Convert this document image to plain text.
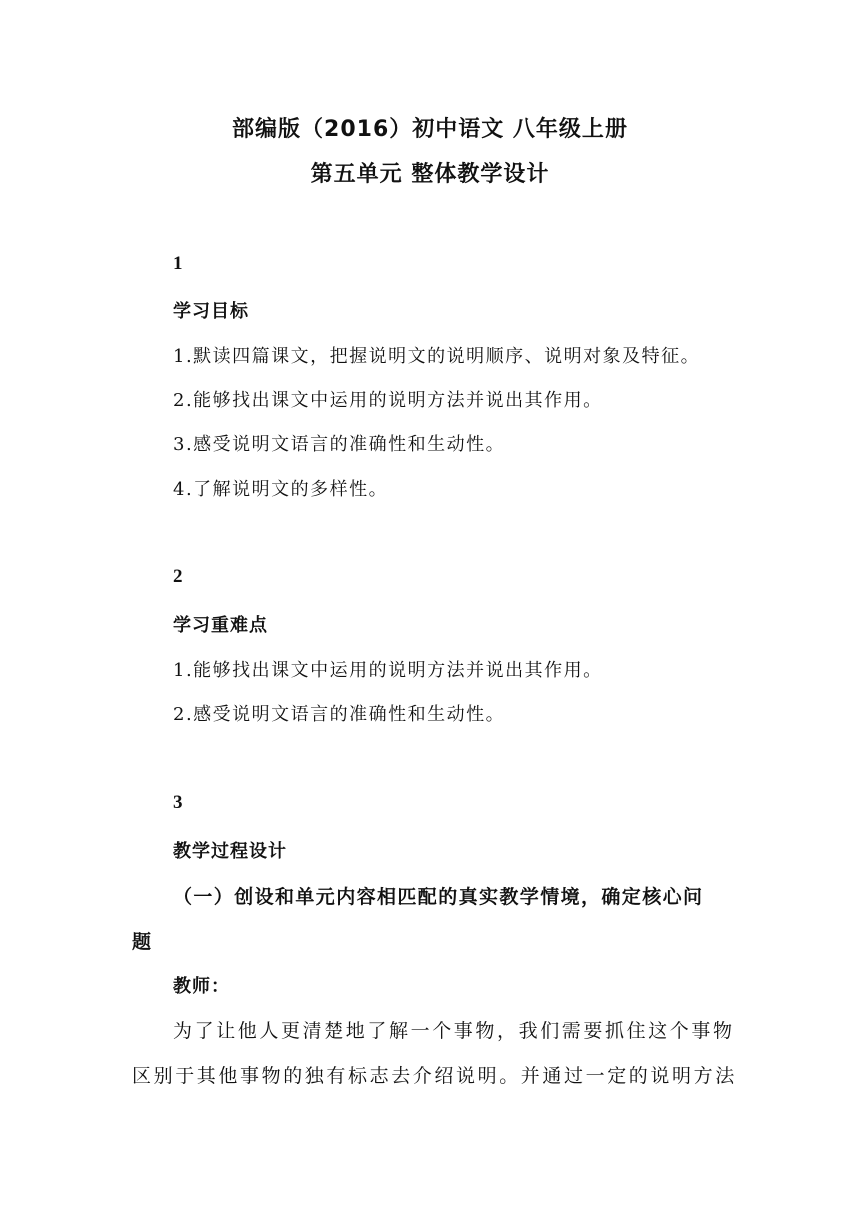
部编版（2016）初中语文 八年级上册
第五单元 整体教学设计
1
学习目标
1.默读四篇课文，把握说明文的说明顺序、说明对象及特征。
2.能够找出课文中运用的说明方法并说出其作用。
3.感受说明文语言的准确性和生动性。
4.了解说明文的多样性。
2
学习重难点
1.能够找出课文中运用的说明方法并说出其作用。
2.感受说明文语言的准确性和生动性。
3
教学过程设计
（一）创设和单元内容相匹配的真实教学情境，确定核心问
题
教师：
为了让他人更清楚地了解一个事物，我们需要抓住这个事物
区别于其他事物的独有标志去介绍说明。并通过一定的说明方法
